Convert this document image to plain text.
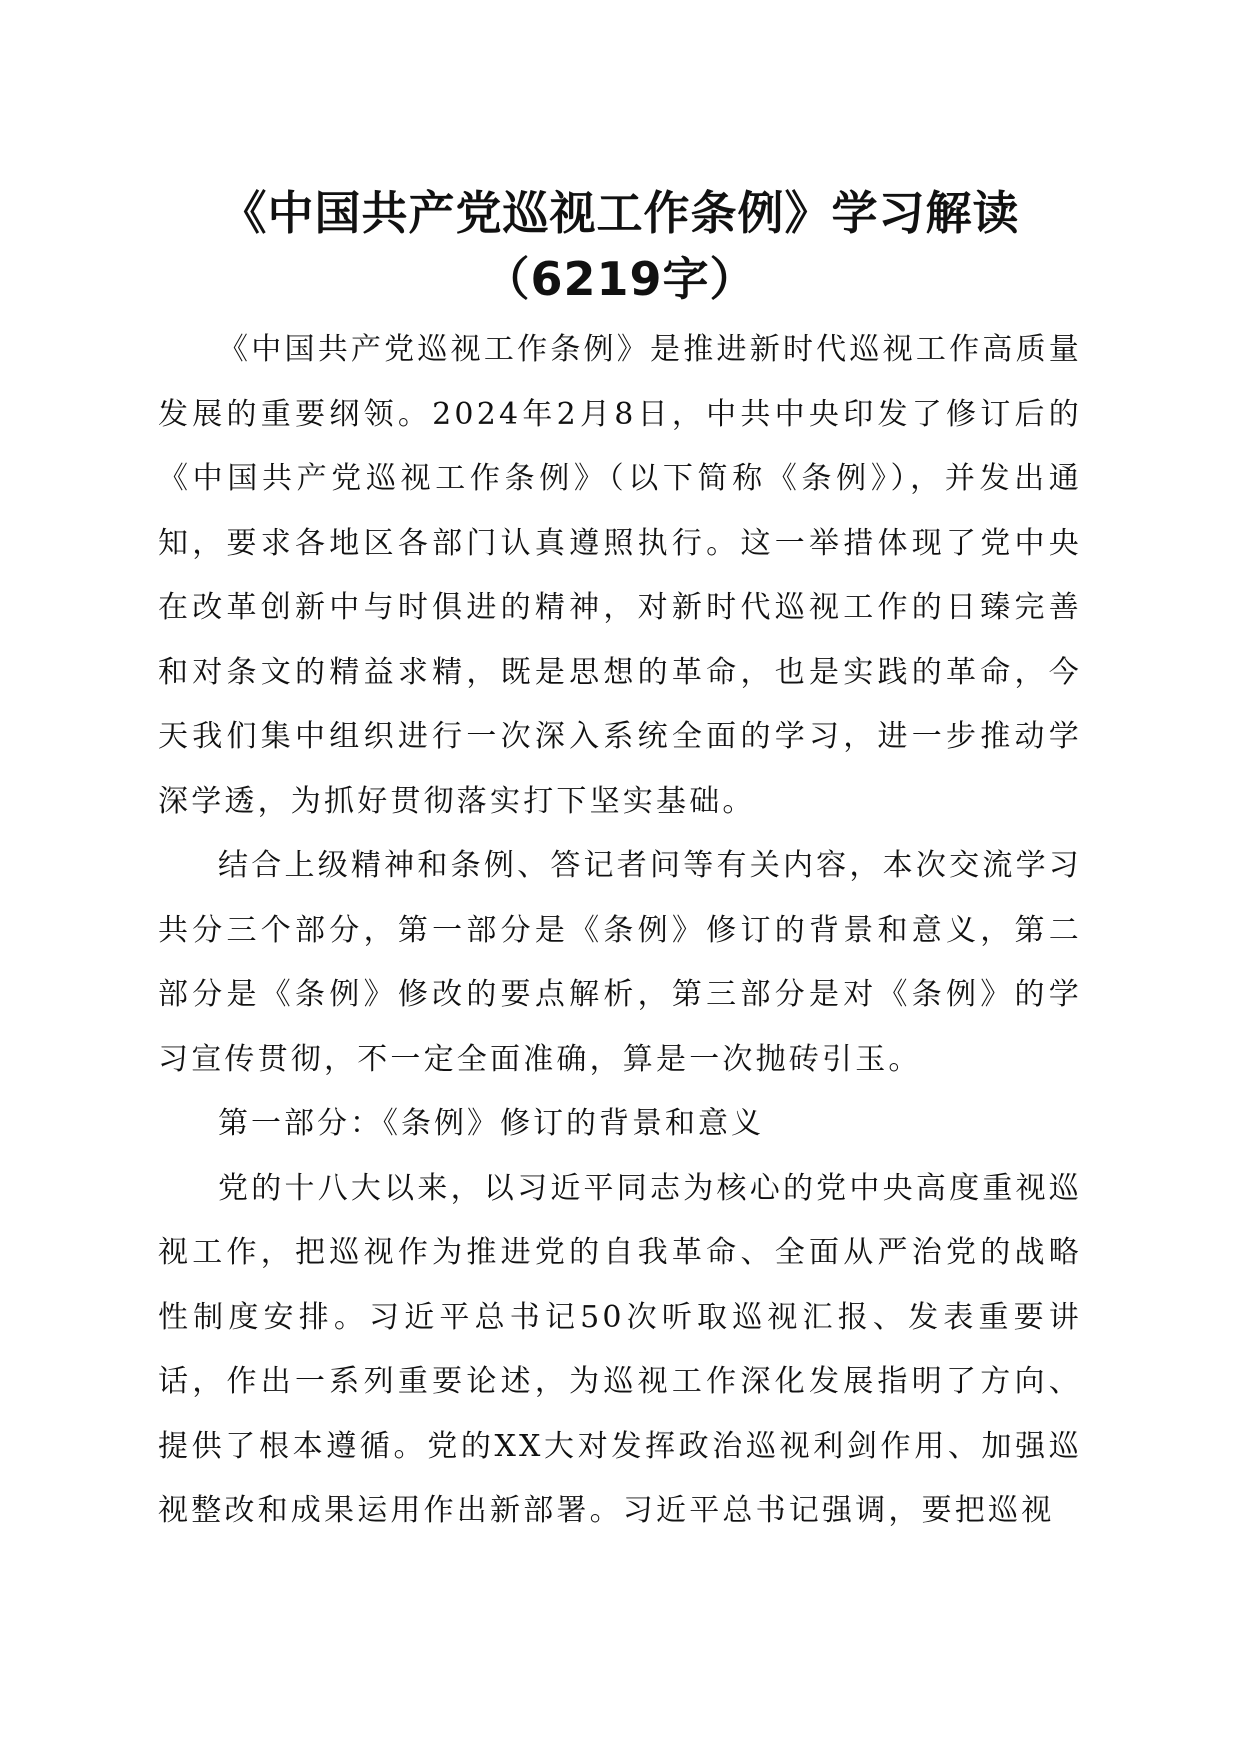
《中国共产党巡视工作条例》学习解读（6219字）

《中国共产党巡视工作条例》是推进新时代巡视工作高质量发展的重要纲领。2024年2月8日，中共中央印发了修订后的《中国共产党巡视工作条例》（以下简称《条例》），并发出通知，要求各地区各部门认真遵照执行。这一举措体现了党中央在改革创新中与时俱进的精神，对新时代巡视工作的日臻完善和对条文的精益求精，既是思想的革命，也是实践的革命，今天我们集中组织进行一次深入系统全面的学习，进一步推动学深学透，为抓好贯彻落实打下坚实基础。

结合上级精神和条例、答记者问等有关内容，本次交流学习共分三个部分，第一部分是《条例》修订的背景和意义，第二部分是《条例》修改的要点解析，第三部分是对《条例》的学习宣传贯彻，不一定全面准确，算是一次抛砖引玉。

第一部分：《条例》修订的背景和意义

党的十八大以来，以习近平同志为核心的党中央高度重视巡视工作，把巡视作为推进党的自我革命、全面从严治党的战略性制度安排。习近平总书记50次听取巡视汇报、发表重要讲话，作出一系列重要论述，为巡视工作深化发展指明了方向、提供了根本遵循。党的XX大对发挥政治巡视利剑作用、加强巡视整改和成果运用作出新部署。习近平总书记强调，要把巡视
